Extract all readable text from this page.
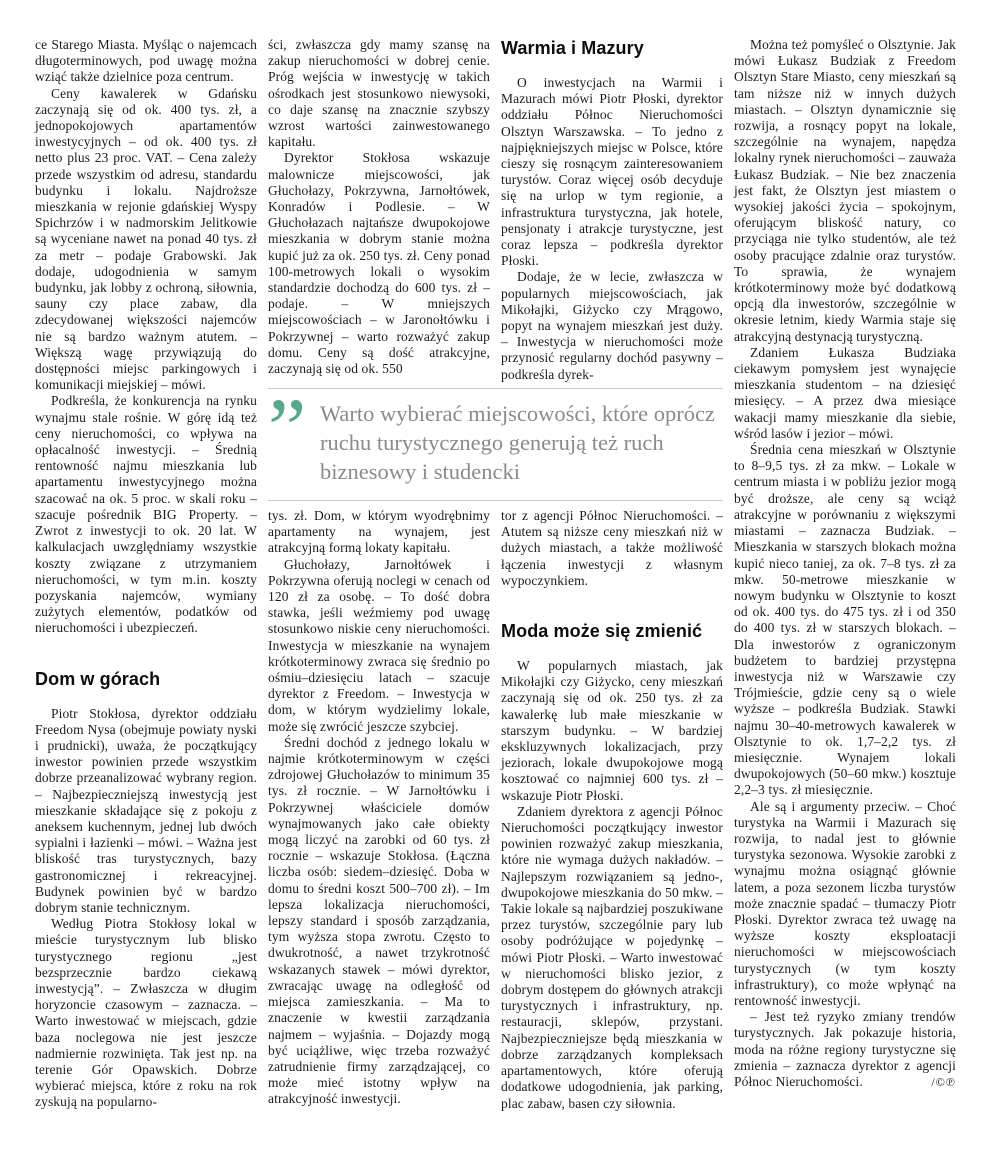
ce Starego Miasta. Myśląc o najemcach długoterminowych, pod uwagę można wziąć także dzielnice poza centrum.

Ceny kawalerek w Gdańsku zaczynają się od ok. 400 tys. zł, a jednopokojowych apartamentów inwestycyjnych – od ok. 400 tys. zł netto plus 23 proc. VAT. – Cena zależy przede wszystkim od adresu, standardu budynku i lokalu. Najdroższe mieszkania w rejonie gdańskiej Wyspy Spichrzów i w nadmorskim Jelitkowie są wyceniane nawet na ponad 40 tys. zł za metr – podaje Grabowski. Jak dodaje, udogodnienia w samym budynku, jak lobby z ochroną, siłownia, sauny czy place zabaw, dla zdecydowanej większości najemców nie są bardzo ważnym atutem. – Większą wagę przywiązują do dostępności miejsc parkingowych i komunikacji miejskiej – mówi.

Podkreśla, że konkurencja na rynku wynajmu stale rośnie. W górę idą też ceny nieruchomości, co wpływa na opłacalność inwestycji. – Średnią rentowność najmu mieszkania lub apartamentu inwestycyjnego można szacować na ok. 5 proc. w skali roku – szacuje pośrednik BIG Property. – Zwrot z inwestycji to ok. 20 lat. W kalkulacjach uwzględniamy wszystkie koszty związane z utrzymaniem nieruchomości, w tym m.in. koszty pozyskania najemców, wymiany zużytych elementów, podatków od nieruchomości i ubezpieczeń.

Dom w górach

Piotr Stokłosa, dyrektor oddziału Freedom Nysa (obejmuje powiaty nyski i prudnicki), uważa, że początkujący inwestor powinien przede wszystkim dobrze przeanalizować wybrany region. – Najbezpieczniejszą inwestycją jest mieszkanie składające się z pokoju z aneksem kuchennym, jednej lub dwóch sypialni i łazienki – mówi. – Ważna jest bliskość tras turystycznych, bazy gastronomicznej i rekreacyjnej. Budynek powinien być w bardzo dobrym stanie technicznym.

Według Piotra Stokłosy lokal w mieście turystycznym lub blisko turystycznego regionu „jest bezsprzecznie bardzo ciekawą inwestycją”. – Zwłaszcza w długim horyzoncie czasowym – zaznacza. – Warto inwestować w miejscach, gdzie baza noclegowa nie jest jeszcze nadmiernie rozwinięta. Tak jest np. na terenie Gór Opawskich. Dobrze wybierać miejsca, które z roku na rok zyskują na popularno-

ści, zwłaszcza gdy mamy szansę na zakup nieruchomości w dobrej cenie. Próg wejścia w inwestycję w takich ośrodkach jest stosunkowo niewysoki, co daje szansę na znacznie szybszy wzrost wartości zainwestowanego kapitału.

Dyrektor Stokłosa wskazuje malownicze miejscowości, jak Głuchołazy, Pokrzywna, Jarnołtówek, Konradów i Podlesie. – W Głuchołazach najtańsze dwupokojowe mieszkania w dobrym stanie można kupić już za ok. 250 tys. zł. Ceny ponad 100-metrowych lokali o wysokim standardzie dochodzą do 600 tys. zł – podaje. – W mniejszych miejscowościach – w Jaronołtówku i Pokrzywnej – warto rozważyć zakup domu. Ceny są dość atrakcyjne, zaczynają się od ok. 550

” Warto wybierać miejscowości, które oprócz ruchu turystycznego generują też ruch biznesowy i studencki

tys. zł. Dom, w którym wyodrębnimy apartamenty na wynajem, jest atrakcyjną formą lokaty kapitału.

Głuchołazy, Jarnołtówek i Pokrzywna oferują noclegi w cenach od 120 zł za osobę. – To dość dobra stawka, jeśli weźmiemy pod uwagę stosunkowo niskie ceny nieruchomości. Inwestycja w mieszkanie na wynajem krótkoterminowy zwraca się średnio po ośmiu–dziesięciu latach – szacuje dyrektor z Freedom. – Inwestycja w dom, w którym wydzielimy lokale, może się zwrócić jeszcze szybciej.

Średni dochód z jednego lokalu w najmie krótkoterminowym w części zdrojowej Głuchołazów to minimum 35 tys. zł rocznie. – W Jarnołtówku i Pokrzywnej właściciele domów wynajmowanych jako całe obiekty mogą liczyć na zarobki od 60 tys. zł rocznie – wskazuje Stokłosa. (Łączna liczba osób: siedem–dziesięć. Doba w domu to średni koszt 500–700 zł). – Im lepsza lokalizacja nieruchomości, lepszy standard i sposób zarządzania, tym wyższa stopa zwrotu. Często to dwukrotność, a nawet trzykrotność wskazanych stawek – mówi dyrektor, zwracając uwagę na odległość od miejsca zamieszkania. – Ma to znaczenie w kwestii zarządzania najmem – wyjaśnia. – Dojazdy mogą być uciążliwe, więc trzeba rozważyć zatrudnienie firmy zarządzającej, co może mieć istotny wpływ na atrakcyjność inwestycji.

Warmia i Mazury

O inwestycjach na Warmii i Mazurach mówi Piotr Płoski, dyrektor oddziału Północ Nieruchomości Olsztyn Warszawska. – To jedno z najpiękniejszych miejsc w Polsce, które cieszy się rosnącym zainteresowaniem turystów. Coraz więcej osób decyduje się na urlop w tym regionie, a infrastruktura turystyczna, jak hotele, pensjonaty i atrakcje turystyczne, jest coraz lepsza – podkreśla dyrektor Płoski.

Dodaje, że w lecie, zwłaszcza w popularnych miejscowościach, jak Mikołajki, Giżycko czy Mrągowo, popyt na wynajem mieszkań jest duży. – Inwestycja w nieruchomości może przynosić regularny dochód pasywny – podkreśla dyrek-

tor z agencji Północ Nieruchomości. – Atutem są niższe ceny mieszkań niż w dużych miastach, a także możliwość łączenia inwestycji z własnym wypoczynkiem.

Moda może się zmienić

W popularnych miastach, jak Mikołajki czy Giżycko, ceny mieszkań zaczynają się od ok. 250 tys. zł za kawalerkę lub małe mieszkanie w starszym budynku. – W bardziej ekskluzywnych lokalizacjach, przy jeziorach, lokale dwupokojowe mogą kosztować co najmniej 600 tys. zł – wskazuje Piotr Płoski.

Zdaniem dyrektora z agencji Północ Nieruchomości początkujący inwestor powinien rozważyć zakup mieszkania, które nie wymaga dużych nakładów. – Najlepszym rozwiązaniem są jedno-, dwupokojowe mieszkania do 50 mkw. – Takie lokale są najbardziej poszukiwane przez turystów, szczególnie pary lub osoby podróżujące w pojedynkę – mówi Piotr Płoski. – Warto inwestować w nieruchomości blisko jezior, z dobrym dostępem do głównych atrakcji turystycznych i infrastruktury, np. restauracji, sklepów, przystani. Najbezpieczniejsze będą mieszkania w dobrze zarządzanych kompleksach apartamentowych, które oferują dodatkowe udogodnienia, jak parking, plac zabaw, basen czy siłownia.

Można też pomyśleć o Olsztynie. Jak mówi Łukasz Budziak z Freedom Olsztyn Stare Miasto, ceny mieszkań są tam niższe niż w innych dużych miastach. – Olsztyn dynamicznie się rozwija, a rosnący popyt na lokale, szczególnie na wynajem, napędza lokalny rynek nieruchomości – zauważa Łukasz Budziak. – Nie bez znaczenia jest fakt, że Olsztyn jest miastem o wysokiej jakości życia – spokojnym, oferującym bliskość natury, co przyciąga nie tylko studentów, ale też osoby pracujące zdalnie oraz turystów. To sprawia, że wynajem krótkoterminowy może być dodatkową opcją dla inwestorów, szczególnie w okresie letnim, kiedy Warmia staje się atrakcyjną destynacją turystyczną.

Zdaniem Łukasza Budziaka ciekawym pomysłem jest wynajęcie mieszkania studentom – na dziesięć miesięcy. – A przez dwa miesiące wakacji mamy mieszkanie dla siebie, wśród lasów i jezior – mówi.

Średnia cena mieszkań w Olsztynie to 8–9,5 tys. zł za mkw. – Lokale w centrum miasta i w pobliżu jezior mogą być droższe, ale ceny są wciąż atrakcyjne w porównaniu z większymi miastami – zaznacza Budziak. – Mieszkania w starszych blokach można kupić nieco taniej, za ok. 7–8 tys. zł za mkw. 50-metrowe mieszkanie w nowym budynku w Olsztynie to koszt od ok. 400 tys. do 475 tys. zł i od 350 do 400 tys. zł w starszych blokach. – Dla inwestorów z ograniczonym budżetem to bardziej przystępna inwestycja niż w Warszawie czy Trójmieście, gdzie ceny są o wiele wyższe – podkreśla Budziak. Stawki najmu 30–40-metrowych kawalerek w Olsztynie to ok. 1,7–2,2 tys. zł miesięcznie. Wynajem lokali dwupokojowych (50–60 mkw.) kosztuje 2,2–3 tys. zł miesięcznie.

Ale są i argumenty przeciw. – Choć turystyka na Warmii i Mazurach się rozwija, to nadal jest to głównie turystyka sezonowa. Wysokie zarobki z wynajmu można osiągnąć głównie latem, a poza sezonem liczba turystów może znacznie spadać – tłumaczy Piotr Płoski. Dyrektor zwraca też uwagę na wyższe koszty eksploatacji nieruchomości w miejscowościach turystycznych (w tym koszty infrastruktury), co może wpłynąć na rentowność inwestycji.

– Jest też ryzyko zmiany trendów turystycznych. Jak pokazuje historia, moda na różne regiony turystyczne się zmienia – zaznacza dyrektor z agencji Północ Nieruchomości.	/©℗
